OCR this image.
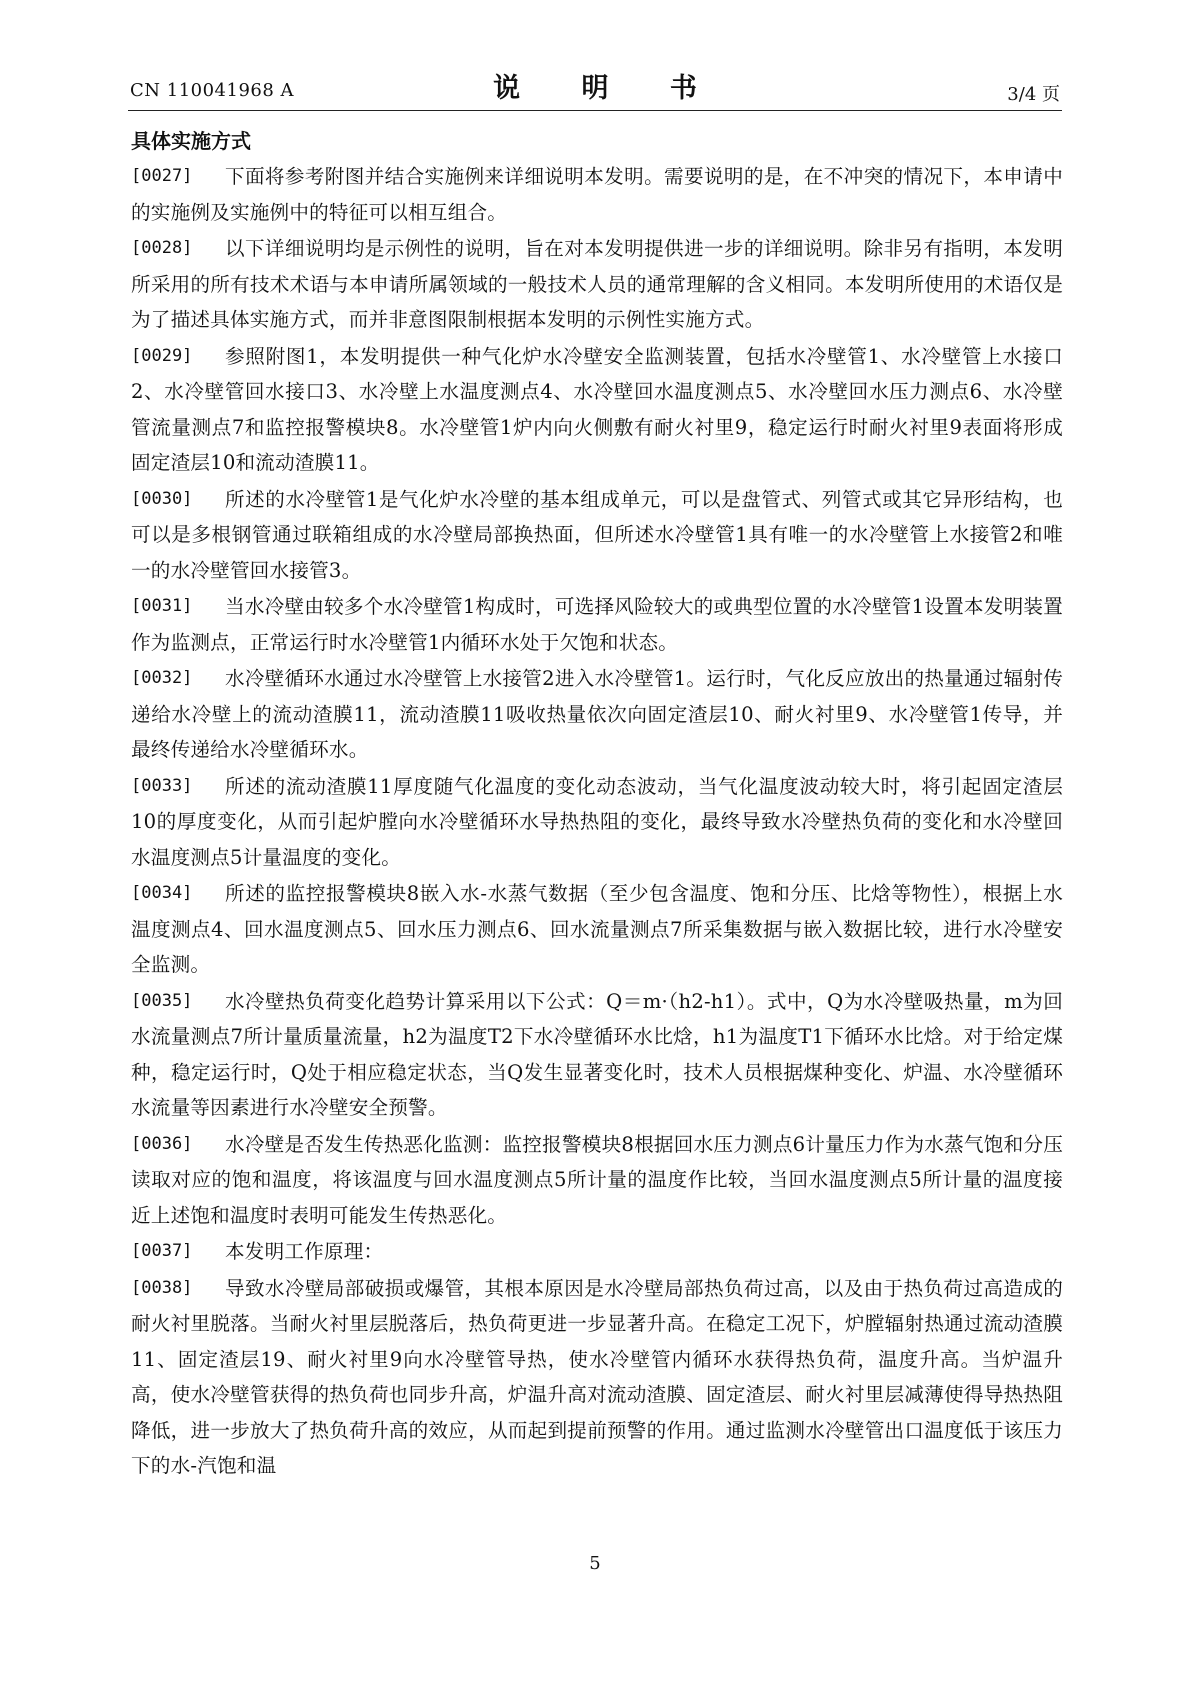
CN 110041968 A	说 明 书	3/4 页
具体实施方式
[0027] 下面将参考附图并结合实施例来详细说明本发明。需要说明的是，在不冲突的情况下，本申请中的实施例及实施例中的特征可以相互组合。
[0028] 以下详细说明均是示例性的说明，旨在对本发明提供进一步的详细说明。除非另有指明，本发明所采用的所有技术术语与本申请所属领域的一般技术人员的通常理解的含义相同。本发明所使用的术语仅是为了描述具体实施方式，而并非意图限制根据本发明的示例性实施方式。
[0029] 参照附图1，本发明提供一种气化炉水冷壁安全监测装置，包括水冷壁管1、水冷壁管上水接口2、水冷壁管回水接口3、水冷壁上水温度测点4、水冷壁回水温度测点5、水冷壁回水压力测点6、水冷壁管流量测点7和监控报警模块8。水冷壁管1炉内向火侧敷有耐火衬里9，稳定运行时耐火衬里9表面将形成固定渣层10和流动渣膜11。
[0030] 所述的水冷壁管1是气化炉水冷壁的基本组成单元，可以是盘管式、列管式或其它异形结构，也可以是多根钢管通过联箱组成的水冷壁局部换热面，但所述水冷壁管1具有唯一的水冷壁管上水接管2和唯一的水冷壁管回水接管3。
[0031] 当水冷壁由较多个水冷壁管1构成时，可选择风险较大的或典型位置的水冷壁管1设置本发明装置作为监测点，正常运行时水冷壁管1内循环水处于欠饱和状态。
[0032] 水冷壁循环水通过水冷壁管上水接管2进入水冷壁管1。运行时，气化反应放出的热量通过辐射传递给水冷壁上的流动渣膜11，流动渣膜11吸收热量依次向固定渣层10、耐火衬里9、水冷壁管1传导，并最终传递给水冷壁循环水。
[0033] 所述的流动渣膜11厚度随气化温度的变化动态波动，当气化温度波动较大时，将引起固定渣层10的厚度变化，从而引起炉膛向水冷壁循环水导热热阻的变化，最终导致水冷壁热负荷的变化和水冷壁回水温度测点5计量温度的变化。
[0034] 所述的监控报警模块8嵌入水-水蒸气数据（至少包含温度、饱和分压、比焓等物性），根据上水温度测点4、回水温度测点5、回水压力测点6、回水流量测点7所采集数据与嵌入数据比较，进行水冷壁安全监测。
[0035] 水冷壁热负荷变化趋势计算采用以下公式：Q＝m·（h2-h1）。式中，Q为水冷壁吸热量，m为回水流量测点7所计量质量流量，h2为温度T2下水冷壁循环水比焓，h1为温度T1下循环水比焓。对于给定煤种，稳定运行时，Q处于相应稳定状态，当Q发生显著变化时，技术人员根据煤种变化、炉温、水冷壁循环水流量等因素进行水冷壁安全预警。
[0036] 水冷壁是否发生传热恶化监测：监控报警模块8根据回水压力测点6计量压力作为水蒸气饱和分压读取对应的饱和温度，将该温度与回水温度测点5所计量的温度作比较，当回水温度测点5所计量的温度接近上述饱和温度时表明可能发生传热恶化。
[0037] 本发明工作原理：
[0038] 导致水冷壁局部破损或爆管，其根本原因是水冷壁局部热负荷过高，以及由于热负荷过高造成的耐火衬里脱落。当耐火衬里层脱落后，热负荷更进一步显著升高。在稳定工况下，炉膛辐射热通过流动渣膜11、固定渣层19、耐火衬里9向水冷壁管导热，使水冷壁管内循环水获得热负荷，温度升高。当炉温升高，使水冷壁管获得的热负荷也同步升高，炉温升高对流动渣膜、固定渣层、耐火衬里层减薄使得导热热阻降低，进一步放大了热负荷升高的效应，从而起到提前预警的作用。通过监测水冷壁管出口温度低于该压力下的水-汽饱和温
5
